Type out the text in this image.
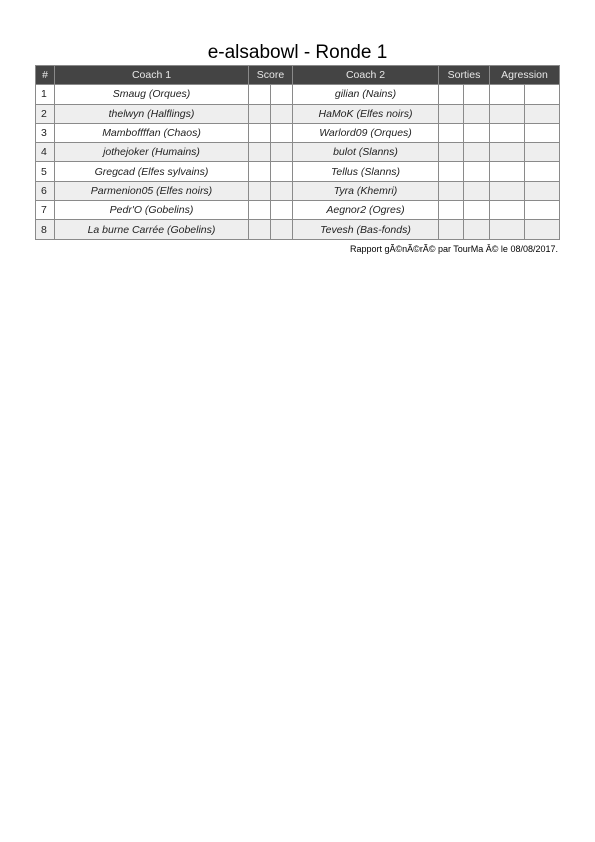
e-alsabowl - Ronde 1
#	Coach 1	Score		Coach 2	Sorties		Agression	
1	Smaug (Orques)			gilian (Nains)				
2	thelwyn (Halflings)			HaMoK (Elfes noirs)				
3	Mamboffffan (Chaos)			Warlord09 (Orques)				
4	jothejoker (Humains)			bulot (Slanns)				
5	Gregcad (Elfes sylvains)			Tellus (Slanns)				
6	Parmenion05 (Elfes noirs)			Tyra (Khemri)				
7	Pedr'O (Gobelins)			Aegnor2 (Ogres)				
8	La burne Carrée (Gobelins)			Tevesh (Bas-fonds)				
Rapport gÃ©nÃ©rÃ© par TourMa Â© le 08/08/2017.
